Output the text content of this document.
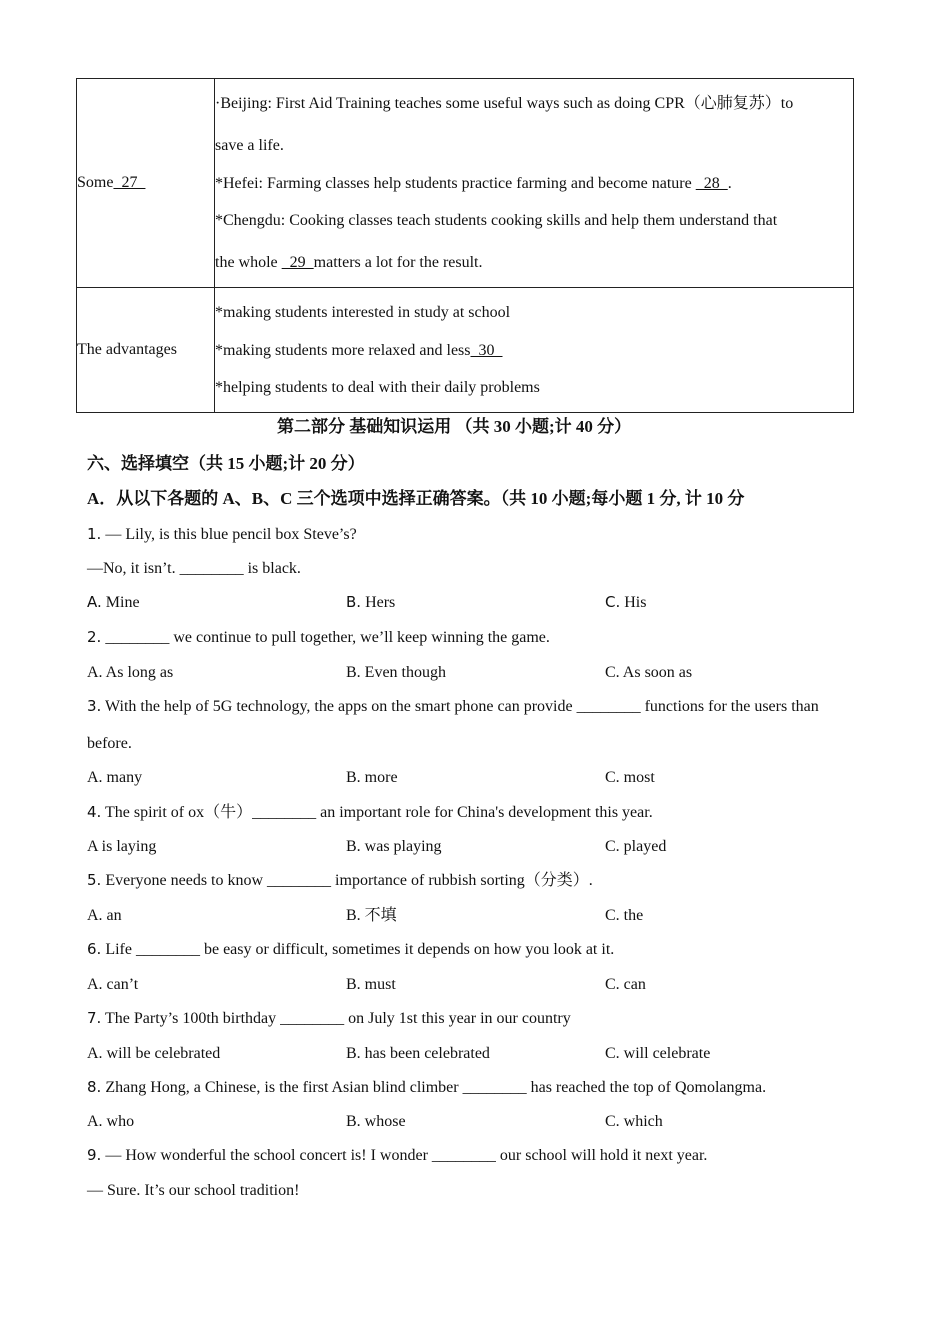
Some  27	·Beijing: First Aid Training teaches some useful ways such as doing CPR（心肺复苏）to
save a life.
*Hefei: Farming classes help students practice farming and become nature   28  .
*Chengdu: Cooking classes teach students cooking skills and help them understand that
the whole   29  matters a lot for the result.

The advantages	*making students interested in study at school
*making students more relaxed and less  30
*helping students to deal with their daily problems
第二部分 基础知识运用 （共 30 小题;计 40 分）
六、选择填空（共 15 小题;计 20 分）
A．从以下各题的 A、B、C 三个选项中选择正确答案。（共 10 小题;每小题 1 分, 计 10 分
1. — Lily, is this blue pencil box Steve’s?
—No, it isn’t. ________ is black.
A. Mine	B. Hers	C. His
2. ________ we continue to pull together, we’ll keep winning the game.
A. As long as	B. Even though	C. As soon as
3. With the help of 5G technology, the apps on the smart phone can provide ________ functions for the users than
before.
A. many	B. more	C. most
4. The spirit of ox（牛）________ an important role for China's development this year.
A is laying	B. was playing	C. played
5. Everyone needs to know ________ importance of rubbish sorting（分类）.
A. an	B. 不填	C. the
6. Life ________ be easy or difficult, sometimes it depends on how you look at it.
A. can’t	B. must	C. can
7. The Party’s 100th birthday ________ on July 1st this year in our country
A. will be celebrated	B. has been celebrated	C. will celebrate
8. Zhang Hong, a Chinese, is the first Asian blind climber ________ has reached the top of Qomolangma.
A. who	B. whose	C. which
9. — How wonderful the school concert is! I wonder ________ our school will hold it next year.
— Sure. It’s our school tradition!
